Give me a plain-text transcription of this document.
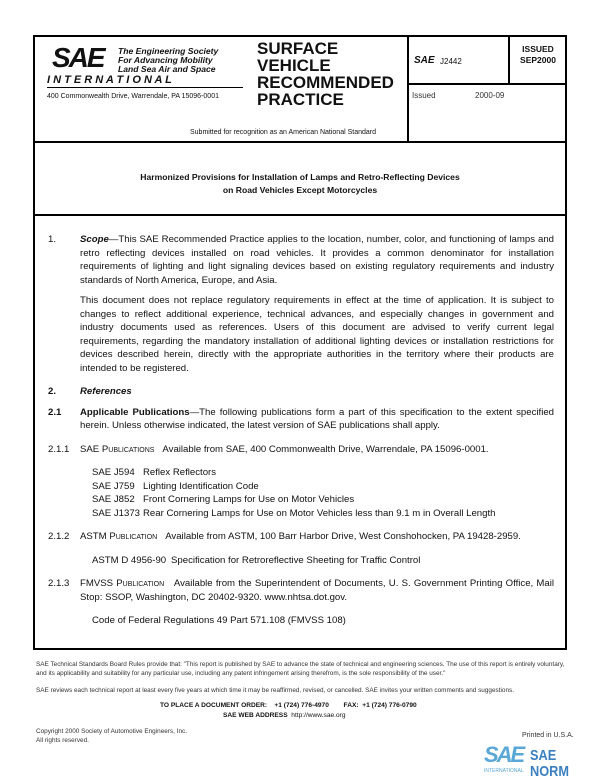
SAE The Engineering Society
For Advancing Mobility
Land Sea Air and Space
I N T E R N A T I O N A L
400 Commonwealth Drive, Warrendale, PA 15096-0001
SURFACE
VEHICLE
RECOMMENDED
PRACTICE
Submitted for recognition as an American National Standard
SAE J2442
ISSUED
SEP2000
Issued	2000-09
Harmonized Provisions for Installation of Lamps and Retro-Reflecting Devices
on Road Vehicles Except Motorcycles
1. Scope—This SAE Recommended Practice applies to the location, number, color, and functioning of lamps and retro reflecting devices installed on road vehicles. It provides a common denominator for installation requirements of lighting and light signaling devices based on existing regulatory requirements and industry standards of North America, Europe, and Asia.
This document does not replace regulatory requirements in effect at the time of application. It is subject to changes to reflect additional experience, technical advances, and especially changes in government and industry documents used as references. Users of this document are advised to verify current legal requirements, regarding the mandatory installation of additional lighting devices or installation restrictions for devices described herein, directly with the appropriate authorities in the territory where their products are intended to be registered.
2. References
2.1 Applicable Publications—The following publications form a part of this specification to the extent specified herein. Unless otherwise indicated, the latest version of SAE publications shall apply.
2.1.1 SAE Publications Available from SAE, 400 Commonwealth Drive, Warrendale, PA 15096-0001.
SAE J594 Reflex Reflectors
SAE J759 Lighting Identification Code
SAE J852 Front Cornering Lamps for Use on Motor Vehicles
SAE J1373 Rear Cornering Lamps for Use on Motor Vehicles less than 9.1 m in Overall Length
2.1.2 ASTM Publication Available from ASTM, 100 Barr Harbor Drive, West Conshohocken, PA 19428-2959.
ASTM D 4956-90 Specification for Retroreflective Sheeting for Traffic Control
2.1.3 FMVSS Publication Available from the Superintendent of Documents, U. S. Government Printing Office, Mail Stop: SSOP, Washington, DC 20402-9320. www.nhtsa.dot.gov.
Code of Federal Regulations 49 Part 571.108 (FMVSS 108)
SAE Technical Standards Board Rules provide that: "This report is published by SAE to advance the state of technical and engineering sciences. The use of this report is entirely voluntary, and its applicability and suitability for any particular use, including any patent infringement arising therefrom, is the sole responsibility of the user."
SAE reviews each technical report at least every five years at which time it may be reaffirmed, revised, or cancelled. SAE invites your written comments and suggestions.
TO PLACE A DOCUMENT ORDER: +1 (724) 776-4970 FAX: +1 (724) 776-0790
SAE WEB ADDRESS http://www.sae.org
Copyright 2000 Society of Automotive Engineers, Inc.
All rights reserved.
Printed in U.S.A.
SAE SAE NORM
INTERNATIONAL
